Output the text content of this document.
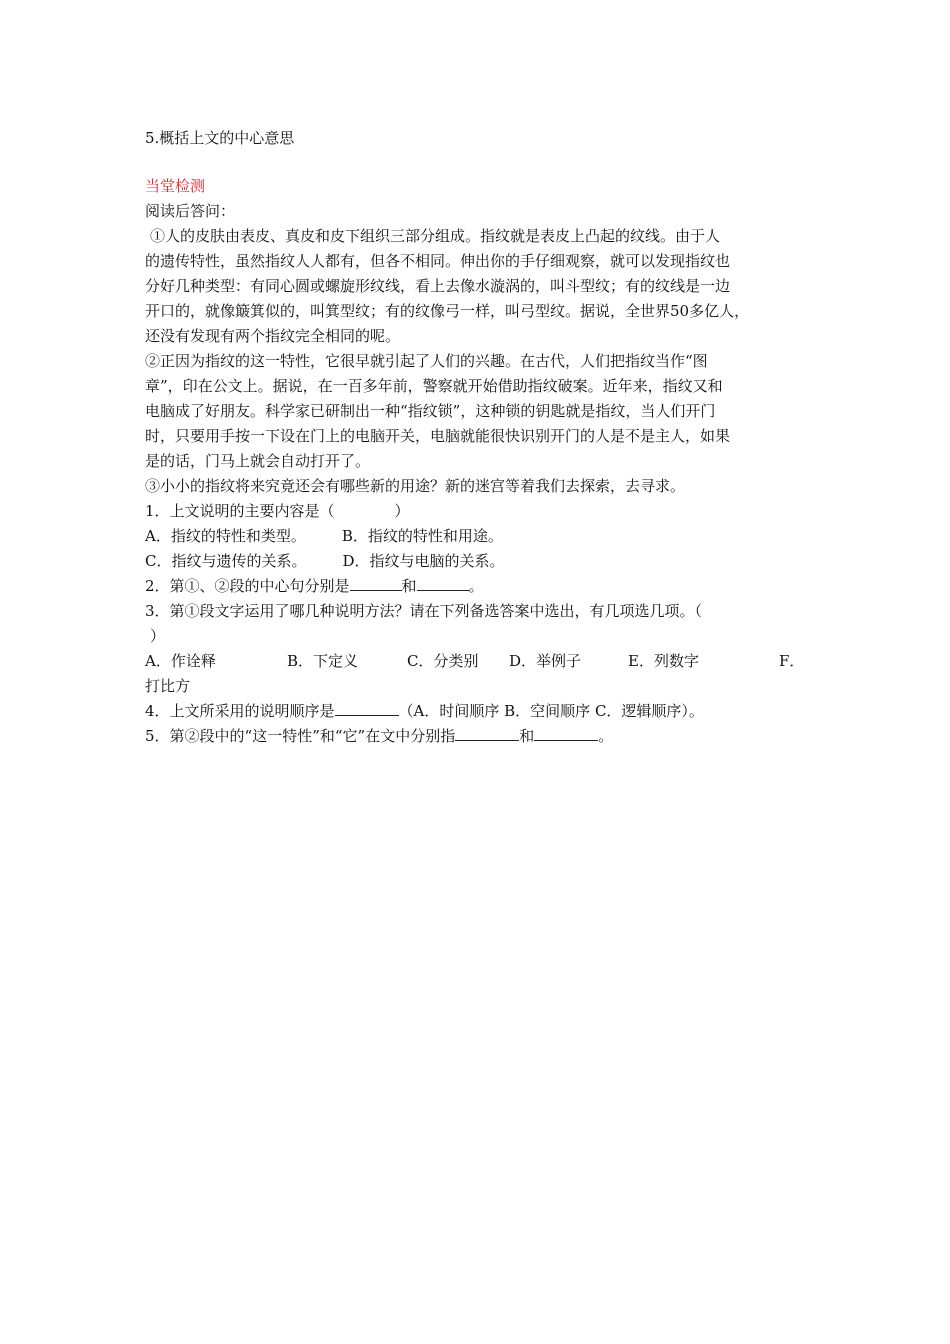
5.概括上文的中心意思
当堂检测
阅读后答问：
①人的皮肤由表皮、真皮和皮下组织三部分组成。指纹就是表皮上凸起的纹线。由于人
的遗传特性，虽然指纹人人都有，但各不相同。伸出你的手仔细观察，就可以发现指纹也
分好几种类型：有同心圆或螺旋形纹线，看上去像水漩涡的，叫斗型纹；有的纹线是一边
开口的，就像簸箕似的，叫箕型纹；有的纹像弓一样，叫弓型纹。据说，全世界50多亿人，
还没有发现有两个指纹完全相同的呢。
②正因为指纹的这一特性，它很早就引起了人们的兴趣。在古代，人们把指纹当作“图
章”，印在公文上。据说，在一百多年前，警察就开始借助指纹破案。近年来，指纹又和
电脑成了好朋友。科学家已研制出一种“指纹锁”，这种锁的钥匙就是指纹，当人们开门
时，只要用手按一下设在门上的电脑开关，电脑就能很快识别开门的人是不是主人，如果
是的话，门马上就会自动打开了。
③小小的指纹将来究竟还会有哪些新的用途？新的迷宫等着我们去探索，去寻求。
1．上文说明的主要内容是（　　　　）
A．指纹的特性和类型。 B．指纹的特性和用途。
C．指纹与遗传的关系。 D．指纹与电脑的关系。
2．第①、②段的中心句分别是	和	。
3．第①段文字运用了哪几种说明方法？请在下列备选答案中选出，有几项选几项。（
）
A．作诠释	B．下定义	C．分类别 D．举例子	E．列数字	F．
打比方
4．上文所采用的说明顺序是	（A．时间顺序 B．空间顺序 C．逻辑顺序）。
5．第②段中的“这一特性”和“它”在文中分别指	和	。
